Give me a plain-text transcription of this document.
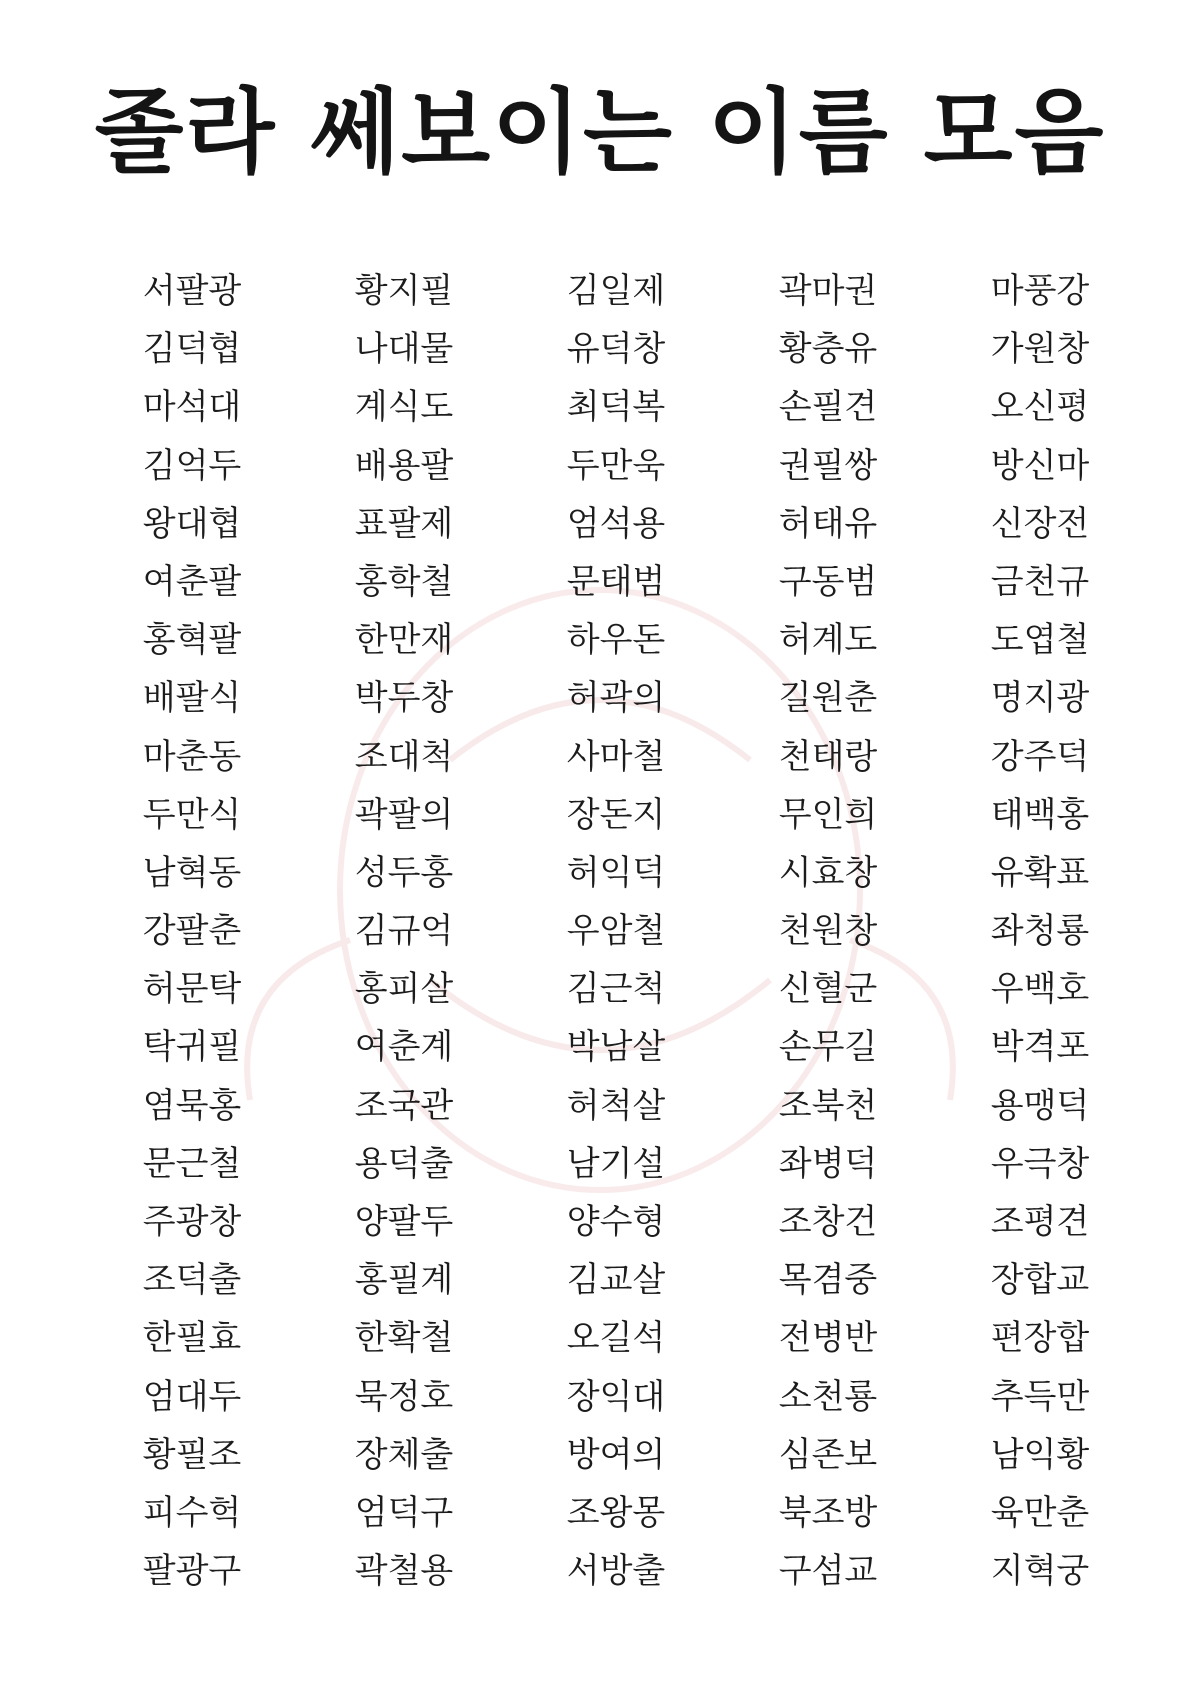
졸라 쎄보이는 이름 모음
서팔광	황지필	김일제	곽마권	마풍강
김덕협	나대물	유덕창	황충유	가원창
마석대	계식도	최덕복	손필견	오신평
김억두	배용팔	두만욱	권필쌍	방신마
왕대협	표팔제	엄석용	허태유	신장전
여춘팔	홍학철	문태범	구동범	금천규
홍혁팔	한만재	하우돈	허계도	도엽철
배팔식	박두창	허곽의	길원춘	명지광
마춘동	조대척	사마철	천태랑	강주덕
두만식	곽팔의	장돈지	무인희	태백홍
남혁동	성두홍	허익덕	시효창	유확표
강팔춘	김규억	우암철	천원창	좌청룡
허문탁	홍피살	김근척	신혈군	우백호
탁귀필	여춘계	박남살	손무길	박격포
염묵홍	조국관	허척살	조북천	용맹덕
문근철	용덕출	남기설	좌병덕	우극창
주광창	양팔두	양수형	조창건	조평견
조덕출	홍필계	김교살	목겸중	장합교
한필효	한확철	오길석	전병반	편장합
엄대두	묵정호	장익대	소천룡	추득만
황필조	장체출	방여의	심존보	남익황
피수헉	엄덕구	조왕몽	북조방	육만춘
팔광구	곽철용	서방출	구섬교	지혁궁
